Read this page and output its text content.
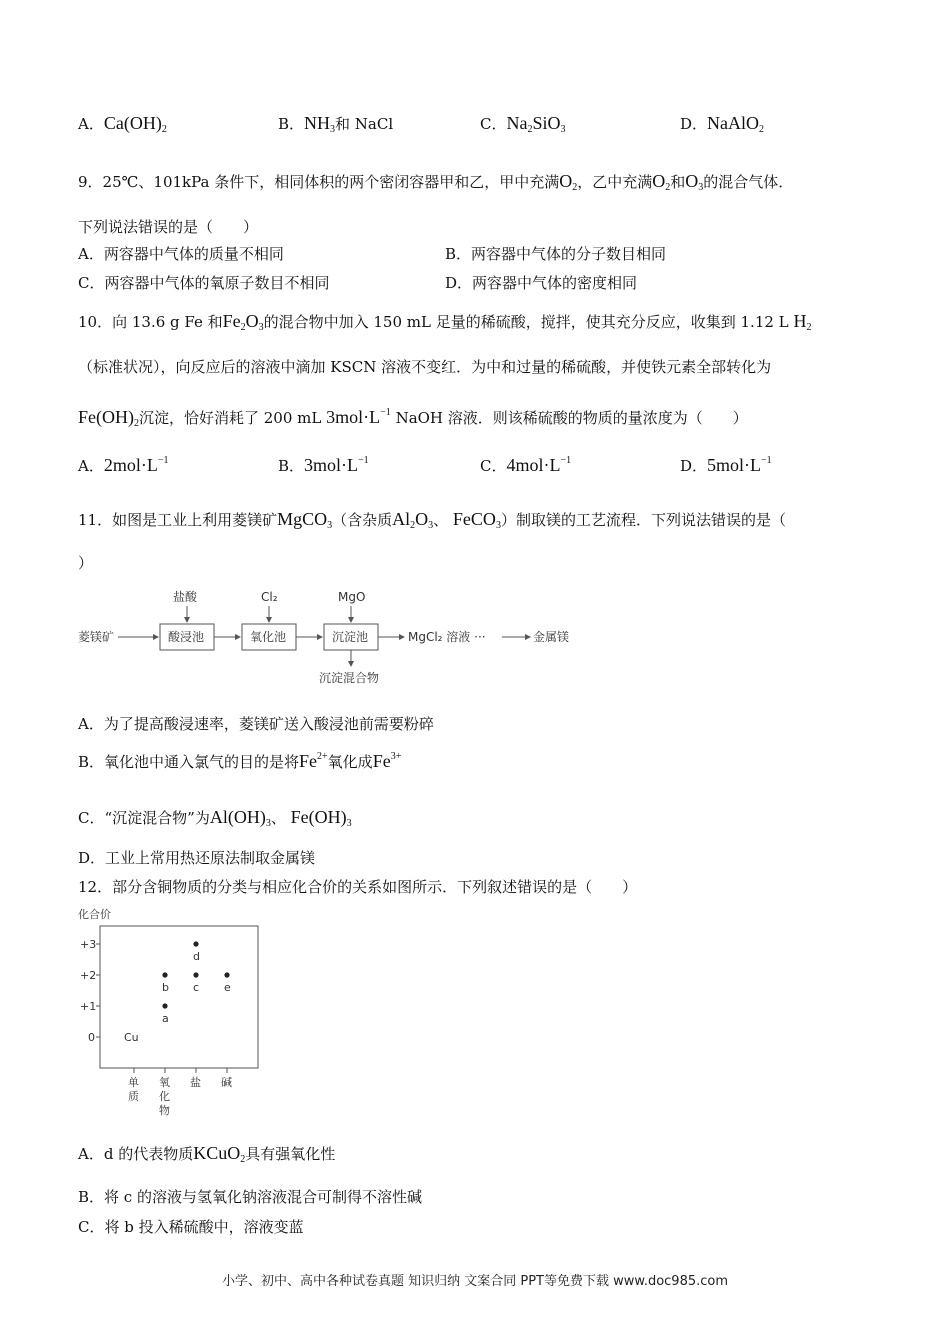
A．$Ca(OH)_2$	B．$NH_3$和 NaCl	C．$Na_2SiO_3$	D．NaAlO$_2$
9．25℃、101kPa 条件下，相同体积的两个密闭容器甲和乙，甲中充满$O_2$，乙中充满$O_2$和$O_3$的混合气体．
下列说法错误的是（　　）
A．两容器中气体的质量不相同	B．两容器中气体的分子数目相同
C．两容器中气体的氧原子数目不相同	D．两容器中气体的密度相同
10．向 13.6 g Fe 和$Fe_2O_3$的混合物中加入 150 mL 足量的稀硫酸，搅拌，使其充分反应，收集到 1.12 L $H_2$
（标准状况），向反应后的溶液中滴加 KSCN 溶液不变红．为中和过量的稀硫酸，并使铁元素全部转化为
$Fe(OH)_2$沉淀，恰好消耗了 200 mL $3mol\cdot L^{-1}$ NaOH 溶液．则该稀硫酸的物质的量浓度为（　　）
A．$2mol\cdot L^{-1}$	B．$3mol\cdot L^{-1}$	C．$4mol\cdot L^{-1}$	D．$5mol\cdot L^{-1}$
11．如图是工业上利用菱镁矿MgCO$_3$（含杂质$Al_2O_3$、 FeCO$_3$）制取镁的工艺流程．下列说法错误的是（
）
菱镁矿	酸浸池
盐酸
氧化池
Cl₂
沉淀池
MgO
MgCl₂ 溶液 ···	金属镁
沉淀混合物
A．为了提高酸浸速率，菱镁矿送入酸浸池前需要粉碎
B．氧化池中通入氯气的目的是将$Fe^{2+}$氧化成$Fe^{3+}$
C．“沉淀混合物”为$Al(OH)_3$、 $Fe(OH)_3$
D．工业上常用热还原法制取金属镁
12．部分含铜物质的分类与相应化合价的关系如图所示．下列叙述错误的是（　　）
化合价
+3
+2
+1
0
单
质
氧
化
物
盐 碱
Cu
a
b c
d
e
A．d 的代表物质KCuO$_2$具有强氧化性
B．将 c 的溶液与氢氧化钠溶液混合可制得不溶性碱
C．将 b 投入稀硫酸中，溶液变蓝
小学、初中、高中各种试卷真题 知识归纳 文案合同 PPT等免费下载 www.doc985.com
